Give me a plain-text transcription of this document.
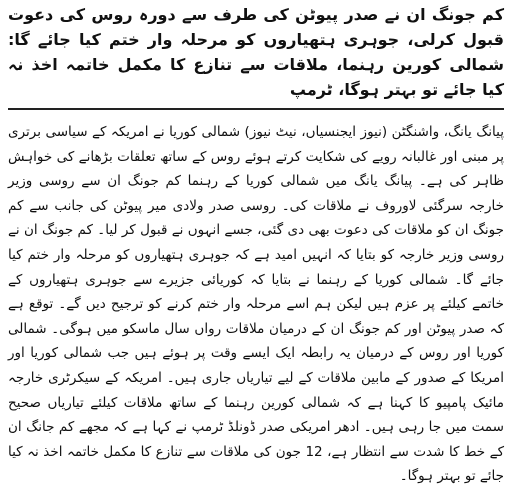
کم جونگ ان نے صدر پیوٹن کی طرف سے دورہ روس کی دعوت قبول کرلی، جوہری ہتھیاروں کو مرحلہ وار ختم کیا جائے گا: شمالی کورین رہنما، ملاقات سے تنازع کا مکمل خاتمہ اخذ نہ کیا جائے تو بہتر ہوگا، ٹرمپ

پیانگ یانگ، واشنگٹن (نیوز ایجنسیاں، نیٹ نیوز) شمالی کوریا نے امریکہ کے سیاسی برتری پر مبنی اور غالبانہ رویے کی شکایت کرتے ہوئے روس کے ساتھ تعلقات بڑھانے کی خواہش ظاہر کی ہے۔ پیانگ یانگ میں شمالی کوریا کے رہنما کم جونگ ان سے روسی وزیر خارجہ سرگئی لاوروف نے ملاقات کی۔ روسی صدر ولادی میر پیوٹن کی جانب سے کم جونگ ان کو ملاقات کی دعوت بھی دی گئی، جسے انہوں نے قبول کر لیا۔ کم جونگ ان نے روسی وزیر خارجہ کو بتایا کہ انہیں امید ہے کہ جوہری ہتھیاروں کو مرحلہ وار ختم کیا جائے گا۔ شمالی کوریا کے رہنما نے بتایا کہ کوریائی جزیرے سے جوہری ہتھیاروں کے خاتمے کیلئے پر عزم ہیں لیکن ہم اسے مرحلہ وار ختم کرنے کو ترجیح دیں گے۔ توقع ہے کہ صدر پیوٹن اور کم جونگ ان کے درمیان ملاقات رواں سال ماسکو میں ہوگی۔ شمالی کوریا اور روس کے درمیان یہ رابطہ ایک ایسے وقت پر ہوئے ہیں جب شمالی کوریا اور امریکا کے صدور کے مابین ملاقات کے لیے تیاریاں جاری ہیں۔ امریکہ کے سیکرٹری خارجہ مائیک پامپیو کا کہنا ہے کہ شمالی کورین رہنما کے ساتھ ملاقات کیلئے تیاریاں صحیح سمت میں جا رہی ہیں۔ ادھر امریکی صدر ڈونلڈ ٹرمپ نے کہا ہے کہ مجھے کم جانگ ان کے خط کا شدت سے انتظار ہے، 12 جون کی ملاقات سے تنازع کا مکمل خاتمہ اخذ نہ کیا جائے تو بہتر ہوگا۔
